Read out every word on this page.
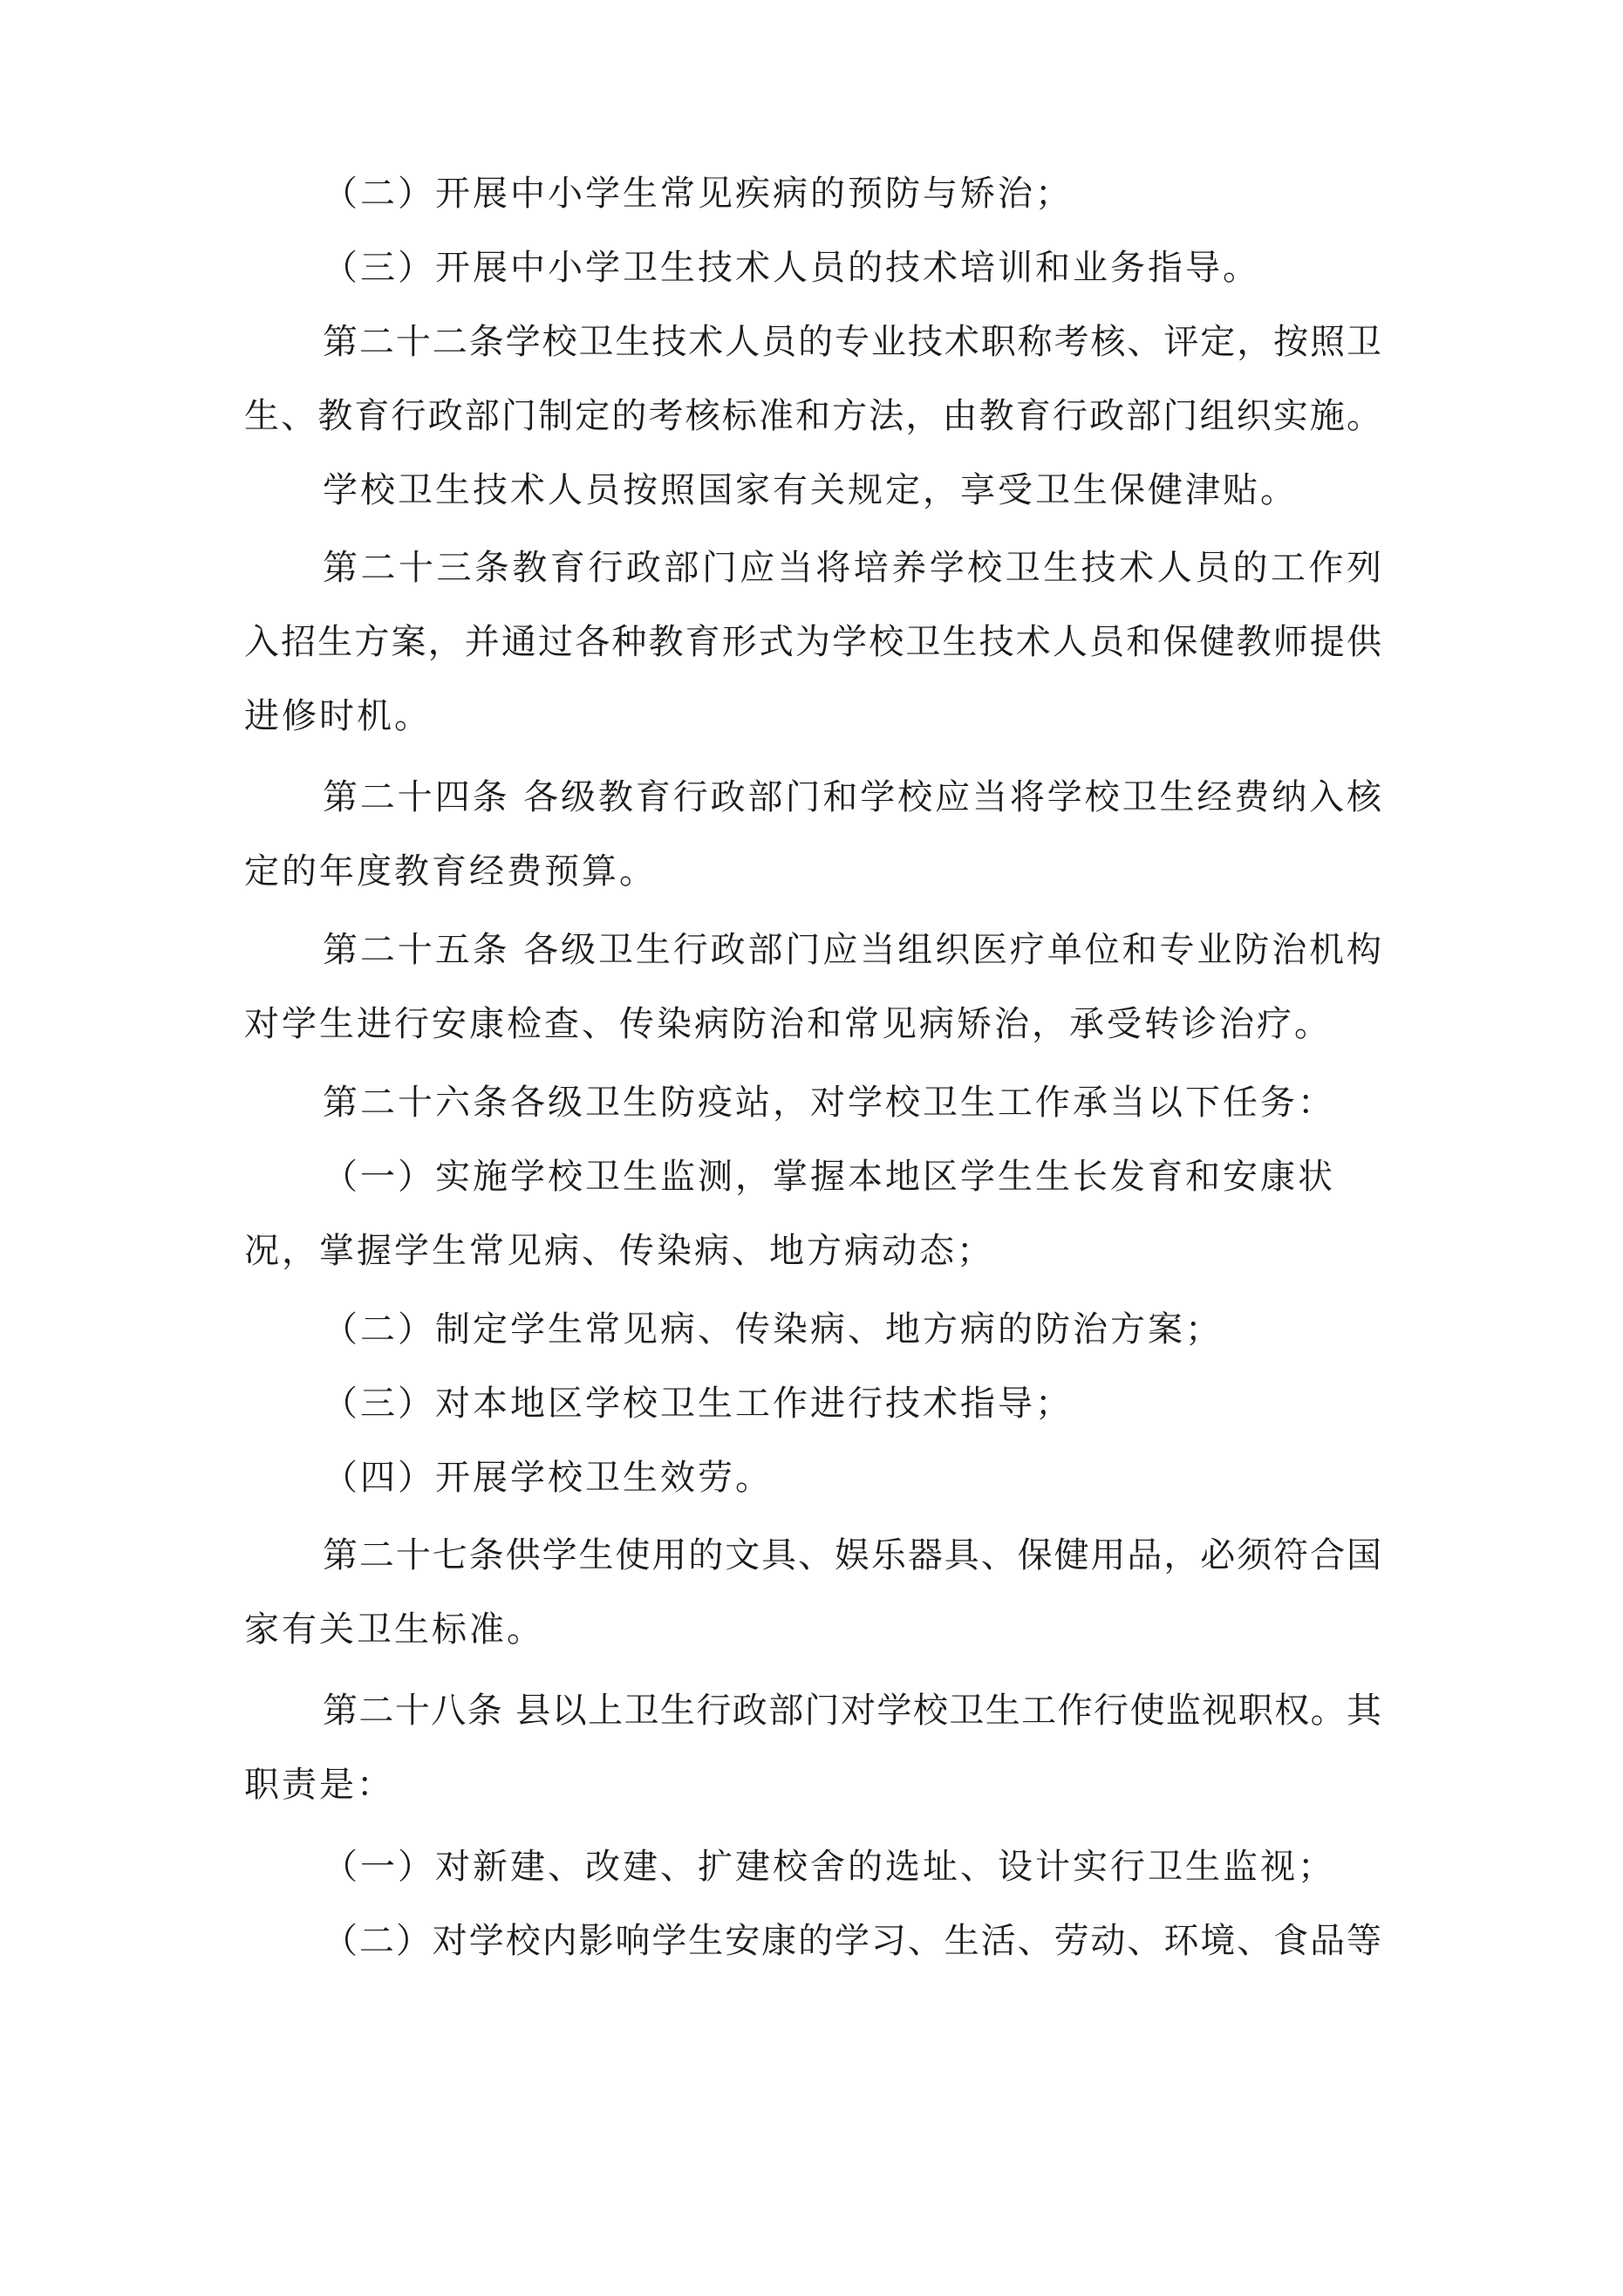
（二）开展中小学生常见疾病的预防与矫治；
（三）开展中小学卫生技术人员的技术培训和业务指导。
第二十二条学校卫生技术人员的专业技术职称考核、评定，按照卫
生、教育行政部门制定的考核标准和方法，由教育行政部门组织实施。
学校卫生技术人员按照国家有关规定，享受卫生保健津贴。
第二十三条教育行政部门应当将培养学校卫生技术人员的工作列
入招生方案，并通过各种教育形式为学校卫生技术人员和保健教师提供
进修时机。
第二十四条 各级教育行政部门和学校应当将学校卫生经费纳入核
定的年度教育经费预算。
第二十五条 各级卫生行政部门应当组织医疗单位和专业防治机构
对学生进行安康检查、传染病防治和常见病矫治，承受转诊治疗。
第二十六条各级卫生防疫站，对学校卫生工作承当以下任务：
（一）实施学校卫生监测，掌握本地区学生生长发育和安康状
况，掌握学生常见病、传染病、地方病动态；
（二）制定学生常见病、传染病、地方病的防治方案；
（三）对本地区学校卫生工作进行技术指导；
（四）开展学校卫生效劳。
第二十七条供学生使用的文具、娱乐器具、保健用品，必须符合国
家有关卫生标准。
第二十八条 县以上卫生行政部门对学校卫生工作行使监视职权。其
职责是：
（一）对新建、改建、扩建校舍的选址、设计实行卫生监视；
（二）对学校内影响学生安康的学习、生活、劳动、环境、食品等
